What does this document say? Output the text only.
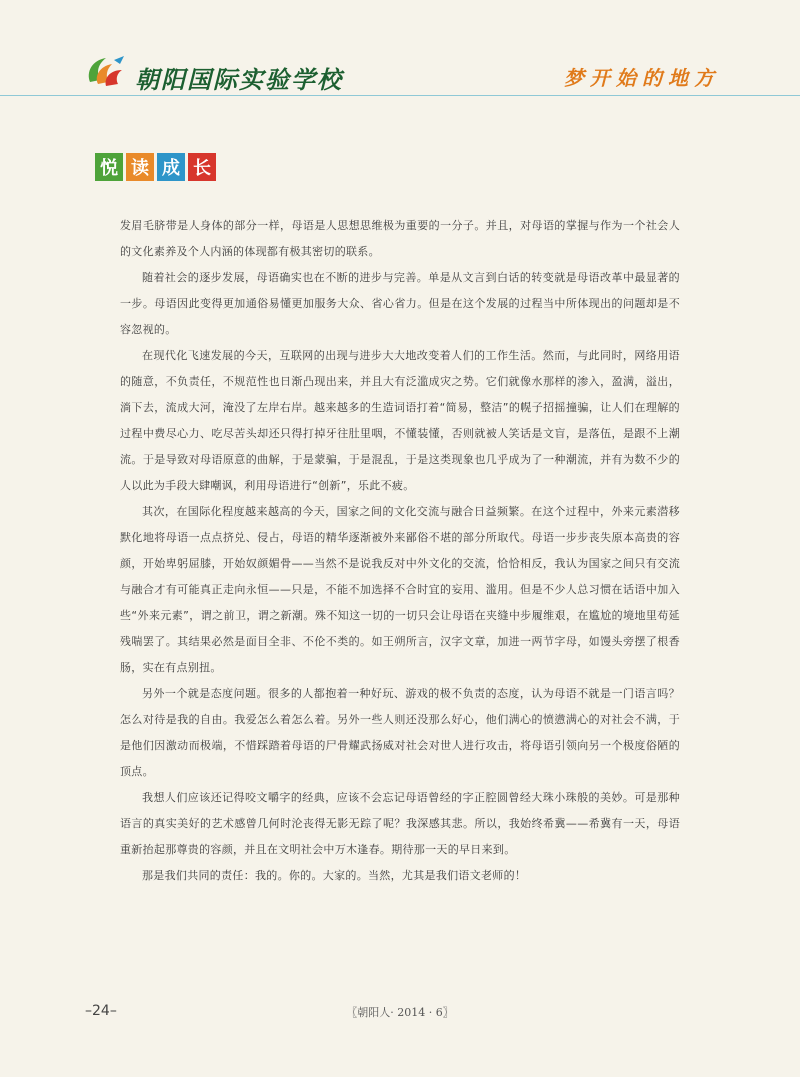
朝阳国际实验学校	梦开始的地方
悦 读 成 长

发眉毛脐带是人身体的部分一样，母语是人思想思维极为重要的一分子。并且，对母语的掌握与作为一个社会人的文化素养及个人内涵的体现都有极其密切的联系。

随着社会的逐步发展，母语确实也在不断的进步与完善。单是从文言到白话的转变就是母语改革中最显著的一步。母语因此变得更加通俗易懂更加服务大众、省心省力。但是在这个发展的过程当中所体现出的问题却是不容忽视的。

在现代化飞速发展的今天，互联网的出现与进步大大地改变着人们的工作生活。然而，与此同时，网络用语的随意，不负责任，不规范性也日渐凸现出来，并且大有泛滥成灾之势。它们就像水那样的渗入，盈满，溢出，淌下去，流成大河，淹没了左岸右岸。越来越多的生造词语打着“简易，整洁”的幌子招摇撞骗，让人们在理解的过程中费尽心力、吃尽苦头却还只得打掉牙往肚里咽，不懂装懂，否则就被人笑话是文盲，是落伍，是跟不上潮流。于是导致对母语原意的曲解，于是蒙骗，于是混乱，于是这类现象也几乎成为了一种潮流，并有为数不少的人以此为手段大肆嘲讽，利用母语进行“创新”，乐此不疲。

其次，在国际化程度越来越高的今天，国家之间的文化交流与融合日益频繁。在这个过程中，外来元素潜移默化地将母语一点点挤兑、侵占，母语的精华逐渐被外来鄙俗不堪的部分所取代。母语一步步丧失原本高贵的容颜，开始卑躬屈膝，开始奴颜媚骨——当然不是说我反对中外文化的交流，恰恰相反，我认为国家之间只有交流与融合才有可能真正走向永恒——只是，不能不加选择不合时宜的妄用、滥用。但是不少人总习惯在话语中加入些“外来元素”，谓之前卫，谓之新潮。殊不知这一切的一切只会让母语在夹缝中步履维艰，在尴尬的境地里苟延残喘罢了。其结果必然是面目全非、不伦不类的。如王朔所言，汉字文章，加进一两节字母，如馒头旁摆了根香肠，实在有点别扭。

另外一个就是态度问题。很多的人都抱着一种好玩、游戏的极不负责的态度，认为母语不就是一门语言吗？怎么对待是我的自由。我爱怎么着怎么着。另外一些人则还没那么好心，他们满心的愤懑满心的对社会不满，于是他们因激动而极端，不惜踩踏着母语的尸骨耀武扬威对社会对世人进行攻击，将母语引领向另一个极度俗陋的顶点。

我想人们应该还记得咬文嚼字的经典，应该不会忘记母语曾经的字正腔圆曾经大珠小珠般的美妙。可是那种语言的真实美好的艺术感曾几何时沦丧得无影无踪了呢？我深感其悲。所以，我始终希冀——希冀有一天，母语重新抬起那尊贵的容颜，并且在文明社会中万木逢春。期待那一天的早日来到。

那是我们共同的责任：我的。你的。大家的。当然，尤其是我们语文老师的！

–24–	〖朝阳人· 2014 · 6〗
